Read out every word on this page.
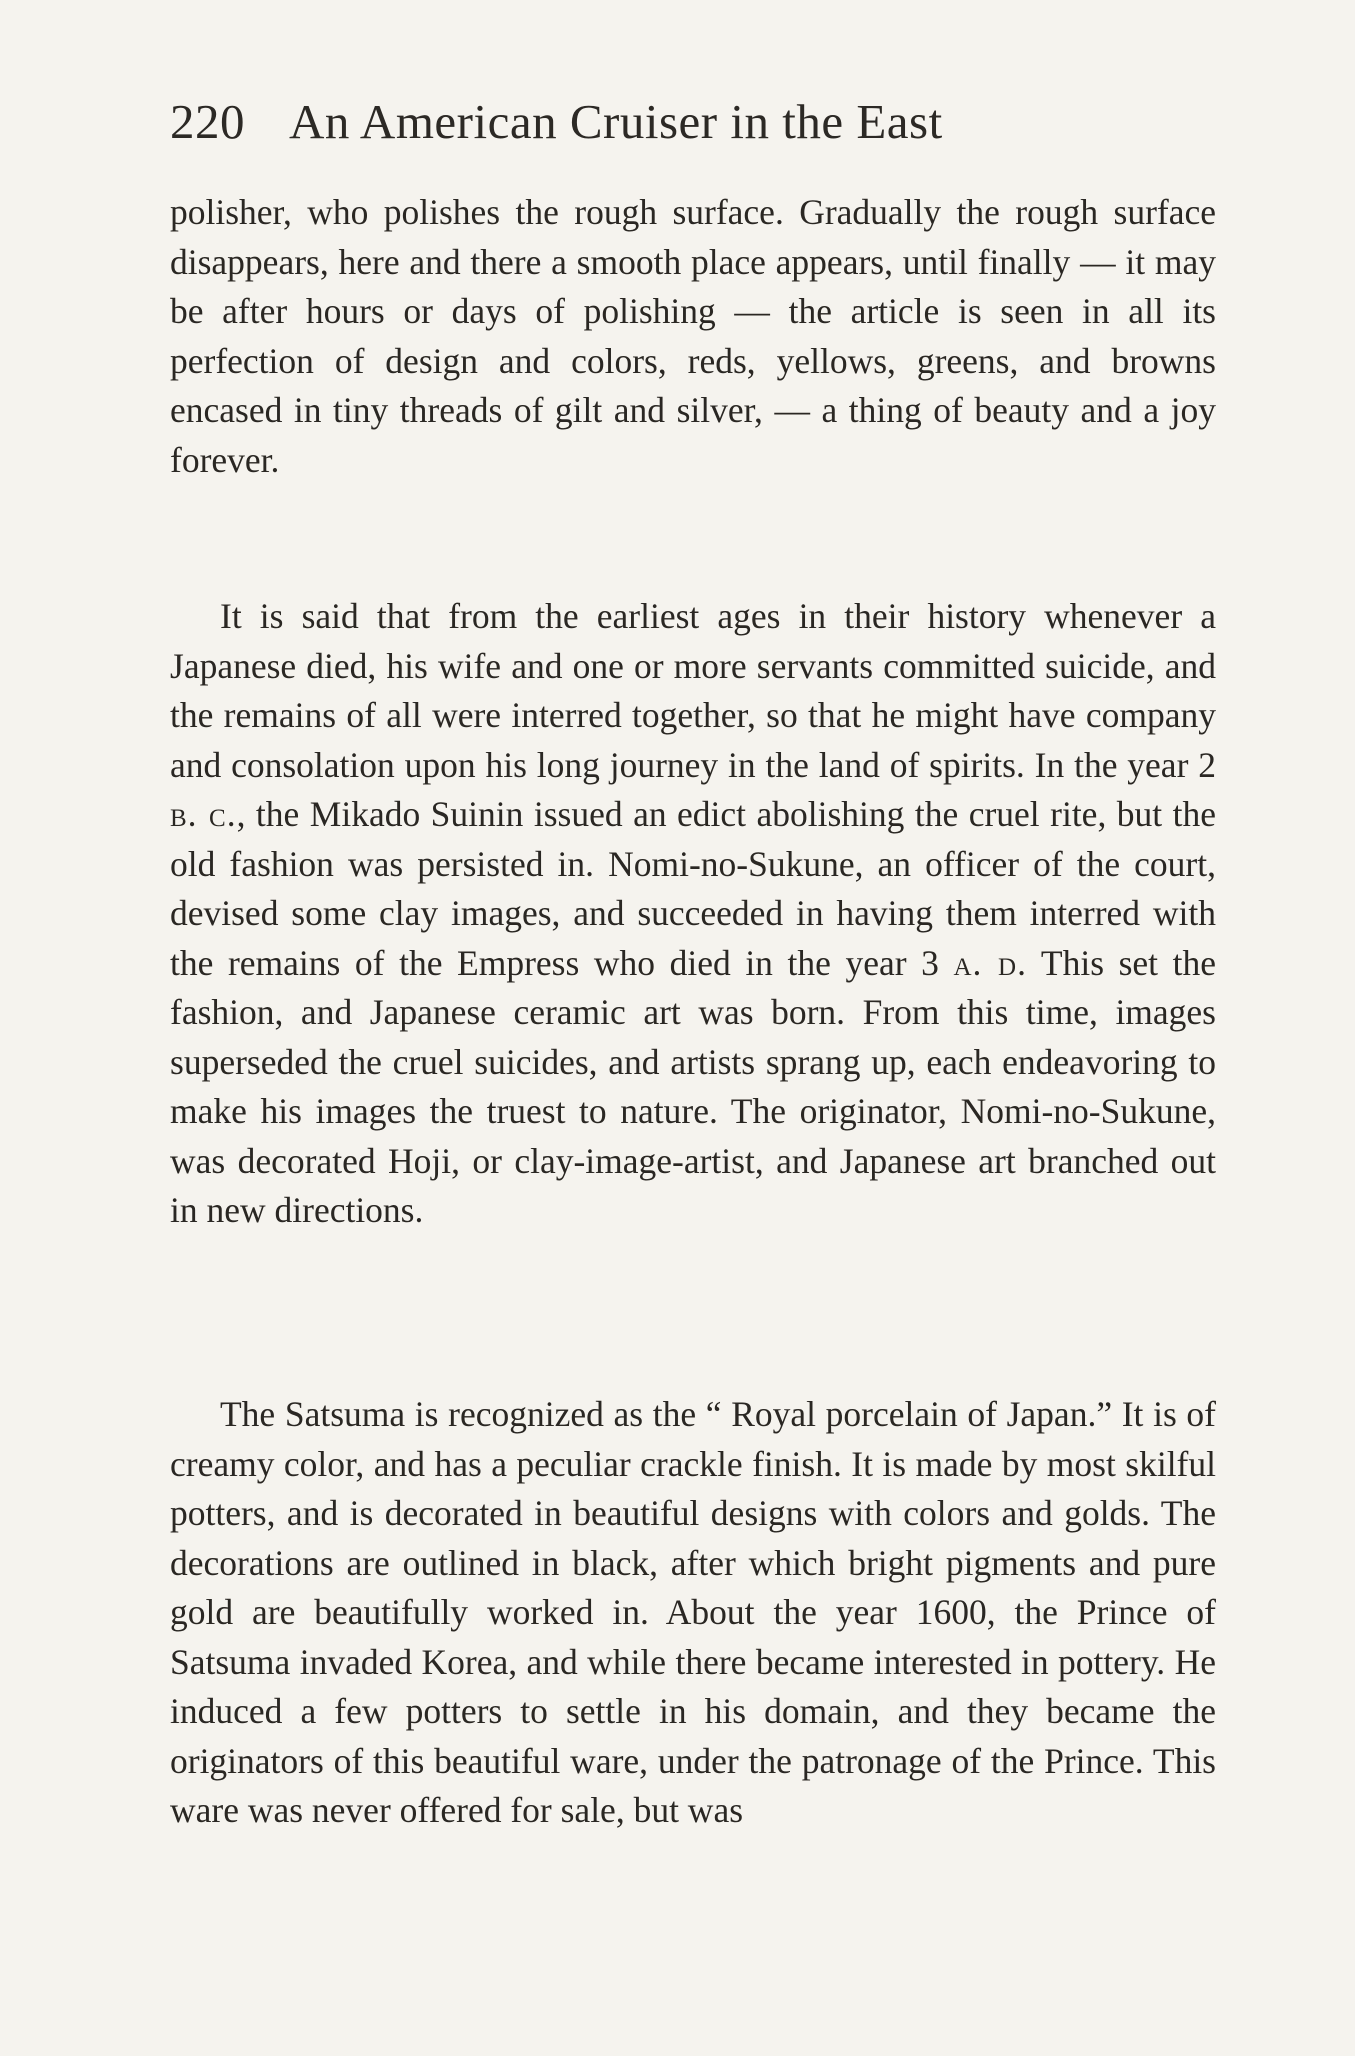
220 An American Cruiser in the East

polisher, who polishes the rough surface. Gradually the rough surface disappears, here and there a smooth place appears, until finally — it may be after hours or days of polishing — the article is seen in all its perfection of design and colors, reds, yellows, greens, and browns encased in tiny threads of gilt and silver, — a thing of beauty and a joy forever.

It is said that from the earliest ages in their history whenever a Japanese died, his wife and one or more servants committed suicide, and the remains of all were interred together, so that he might have company and consolation upon his long journey in the land of spirits. In the year 2 b. c., the Mikado Suinin issued an edict abolishing the cruel rite, but the old fashion was persisted in. Nomi-no-Sukune, an officer of the court, devised some clay images, and succeeded in having them interred with the remains of the Empress who died in the year 3 a. d. This set the fashion, and Japanese ceramic art was born. From this time, images superseded the cruel suicides, and artists sprang up, each endeavoring to make his images the truest to nature. The originator, Nomi-no-Sukune, was decorated Hoji, or clay-image-artist, and Japanese art branched out in new directions.

The Satsuma is recognized as the “ Royal porcelain of Japan.” It is of creamy color, and has a peculiar crackle finish. It is made by most skilful potters, and is decorated in beautiful designs with colors and golds. The decorations are outlined in black, after which bright pigments and pure gold are beautifully worked in. About the year 1600, the Prince of Satsuma invaded Korea, and while there became interested in pottery. He induced a few potters to settle in his domain, and they became the originators of this beautiful ware, under the patronage of the Prince. This ware was never offered for sale, but was
